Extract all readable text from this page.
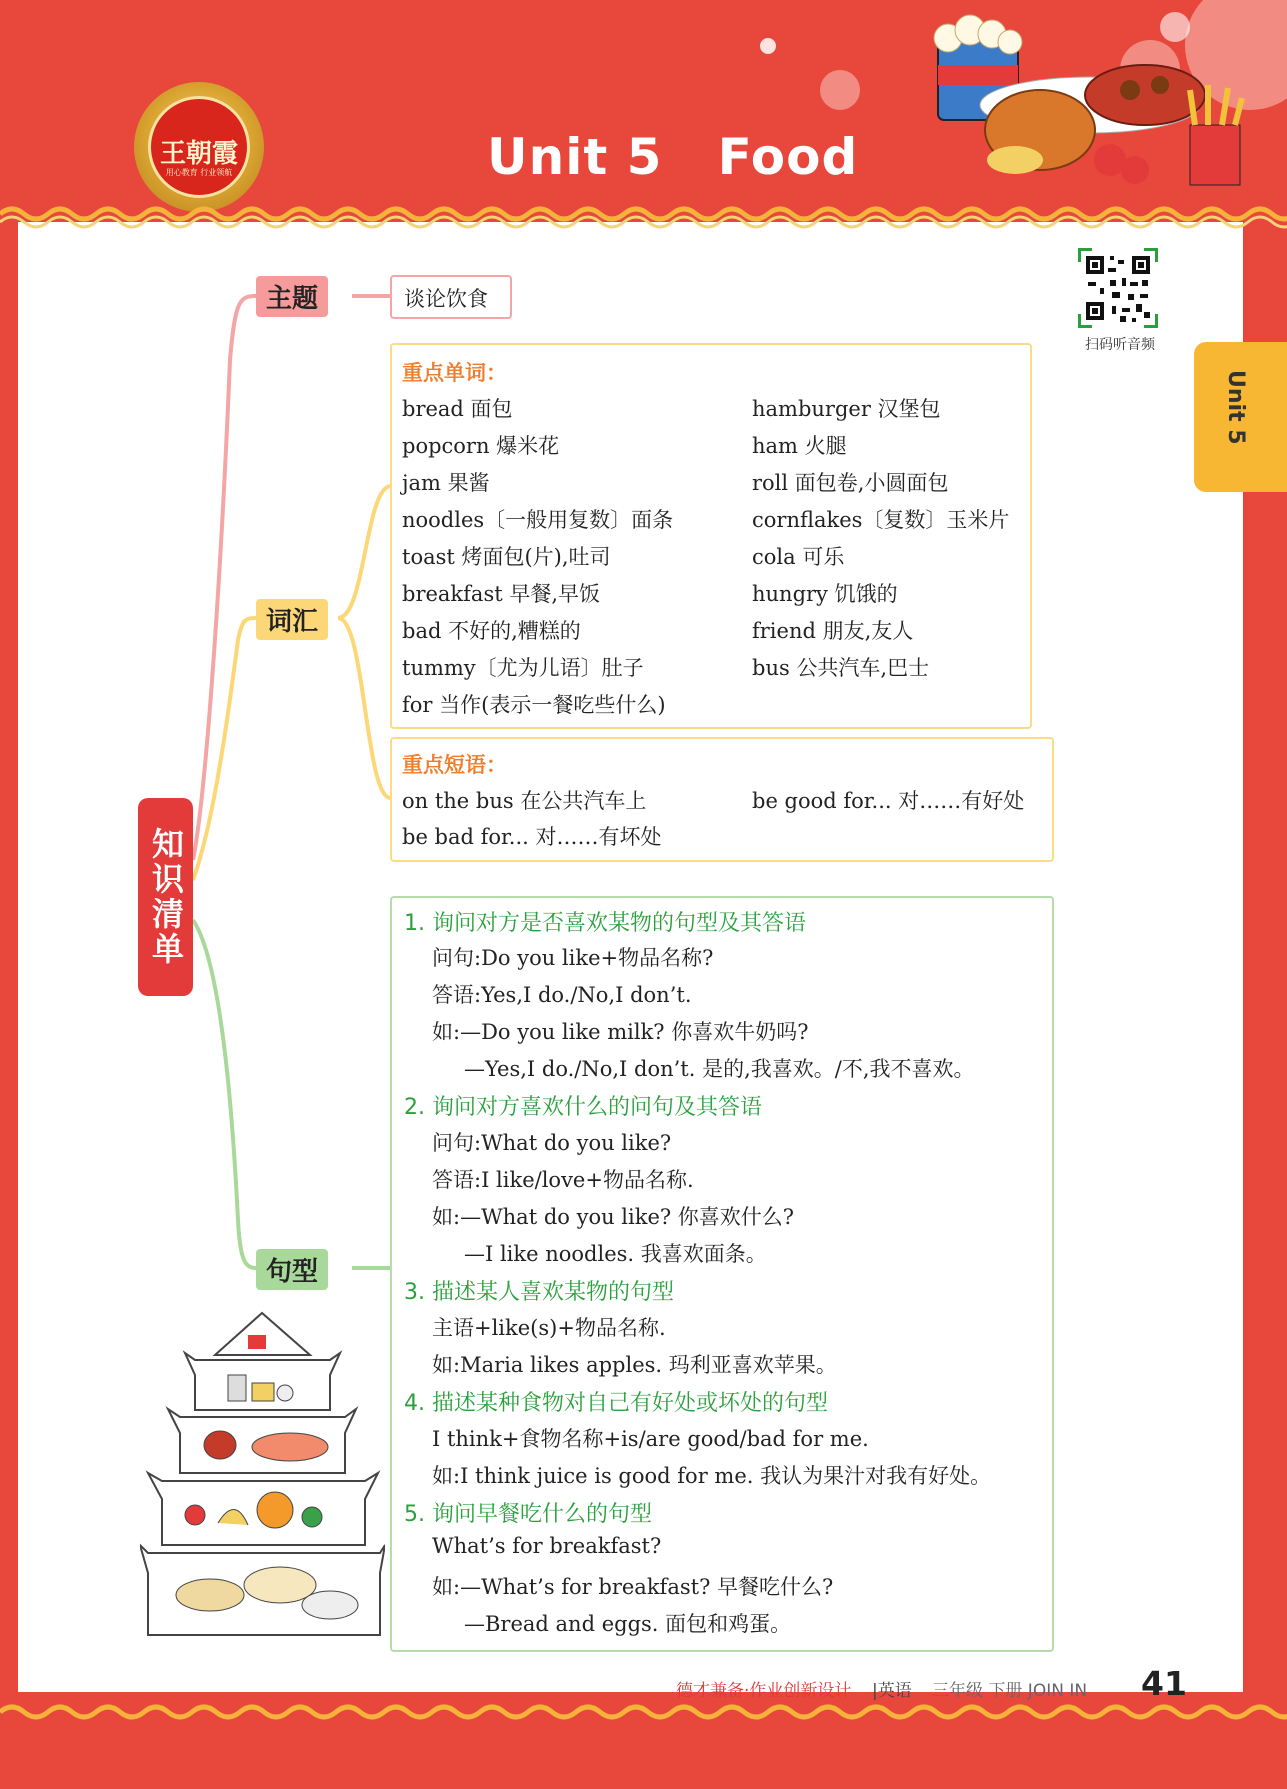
王朝霞
用心教育 行业领航	Unit 5 Food
Unit 5
扫码听音频
知识清单
主题
词汇
句型
谈论饮食
重点单词：
bread 面包
popcorn 爆米花
jam 果酱
noodles〔一般用复数〕面条
toast 烤面包(片),吐司
breakfast 早餐,早饭
bad 不好的,糟糕的
tummy〔尤为儿语〕肚子
for 当作(表示一餐吃些什么)
hamburger 汉堡包
ham 火腿
roll 面包卷,小圆面包
cornflakes〔复数〕玉米片
cola 可乐
hungry 饥饿的
friend 朋友,友人
bus 公共汽车,巴士
重点短语：
on the bus 在公共汽车上	be good for... 对……有好处
be bad for... 对……有坏处
1. 询问对方是否喜欢某物的句型及其答语
问句:Do you like+物品名称?
答语:Yes,I do./No,I don’t.
如:—Do you like milk? 你喜欢牛奶吗?
—Yes,I do./No,I don’t. 是的,我喜欢。/不,我不喜欢。
2. 询问对方喜欢什么的问句及其答语
问句:What do you like?
答语:I like/love+物品名称.
如:—What do you like? 你喜欢什么?
—I like noodles. 我喜欢面条。
3. 描述某人喜欢某物的句型
主语+like(s)+物品名称.
如:Maria likes apples. 玛利亚喜欢苹果。
4. 描述某种食物对自己有好处或坏处的句型
I think+食物名称+is/are good/bad for me.
如:I think juice is good for me. 我认为果汁对我有好处。
5. 询问早餐吃什么的句型
What’s for breakfast?
如:—What’s for breakfast? 早餐吃什么?
—Bread and eggs. 面包和鸡蛋。
德才兼备·作业创新设计 |英语 三年级 下册 JOIN IN 41
